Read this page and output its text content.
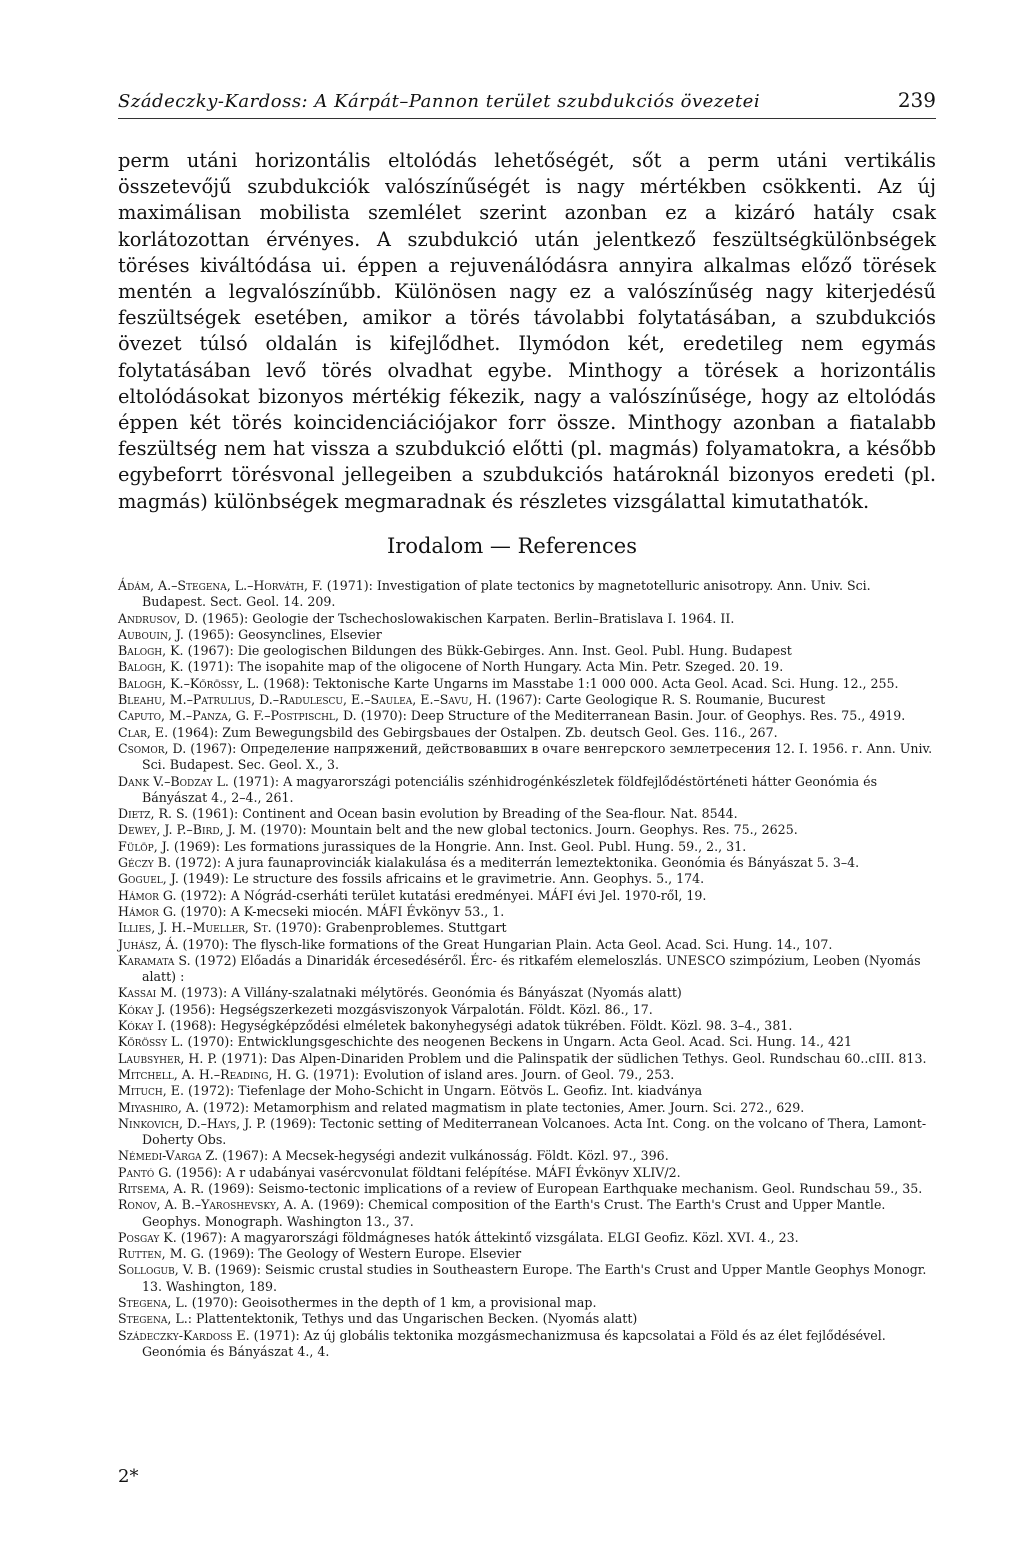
Szádeczky-Kardoss: A Kárpát–Pannon terület szubdukciós övezetei	239

perm utáni horizontális eltolódás lehetőségét, sőt a perm utáni vertikális összetevőjű szubdukciók valószínűségét is nagy mértékben csökkenti. Az új maximálisan mobilista szemlélet szerint azonban ez a kizáró hatály csak korlátozottan érvényes. A szubdukció után jelentkező feszültségkülönbségek töréses kiváltódása ui. éppen a rejuvenálódásra annyira alkalmas előző törések mentén a legvalószínűbb. Különösen nagy ez a valószínűség nagy kiterjedésű feszültségek esetében, amikor a törés távolabbi folytatásában, a szubdukciós övezet túlsó oldalán is kifejlődhet. Ilymódon két, eredetileg nem egymás folytatásában levő törés olvadhat egybe. Minthogy a törések a horizontális eltolódásokat bizonyos mértékig fékezik, nagy a valószínűsége, hogy az eltolódás éppen két törés koincidenciációjakor forr össze. Minthogy azonban a fiatalabb feszültség nem hat vissza a szubdukció előtti (pl. magmás) folyamatokra, a később egybeforrt törésvonal jellegeiben a szubdukciós határoknál bizonyos eredeti (pl. magmás) különbségek megmaradnak és részletes vizsgálattal kimutathatók.

Irodalom — References
Ádám, A.–Stegena, L.–Horváth, F. (1971): Investigation of plate tectonics by magnetotelluric anisotropy. Ann. Univ. Sci. Budapest. Sect. Geol. 14. 209.
Andrusov, D. (1965): Geologie der Tschechoslowakischen Karpaten. Berlin–Bratislava I. 1964. II.
Aubouin, J. (1965): Geosynclines, Elsevier
Balogh, K. (1967): Die geologischen Bildungen des Bükk-Gebirges. Ann. Inst. Geol. Publ. Hung. Budapest
Balogh, K. (1971): The isopahite map of the oligocene of North Hungary. Acta Min. Petr. Szeged. 20. 19.
Balogh, K.–Kőrössy, L. (1968): Tektonische Karte Ungarns im Masstabe 1:1 000 000. Acta Geol. Acad. Sci. Hung. 12., 255.
Bleahu, M.–Patrulius, D.–Radulescu, E.–Saulea, E.–Savu, H. (1967): Carte Geologique R. S. Roumanie, Bucurest
Caputo, M.–Panza, G. F.–Postpischl, D. (1970): Deep Structure of the Mediterranean Basin. Jour. of Geophys. Res. 75., 4919.
Clar, E. (1964): Zum Bewegungsbild des Gebirgsbaues der Ostalpen. Zb. deutsch Geol. Ges. 116., 267.
Csomor, D. (1967): Определение напряжений, действовавших в очаге венгерского землетресения 12. I. 1956. г. Ann. Univ. Sci. Budapest. Sec. Geol. X., 3.
Dank V.–Bodzay L. (1971): A magyarországi potenciális szénhidrogénkészletek földfejlődéstörténeti hátter Geonómia és Bányászat 4., 2–4., 261.
Dietz, R. S. (1961): Continent and Ocean basin evolution by Breading of the Sea-flour. Nat. 8544.
Dewey, J. P.–Bird, J. M. (1970): Mountain belt and the new global tectonics. Journ. Geophys. Res. 75., 2625.
Fülöp, J. (1969): Les formations jurassiques de la Hongrie. Ann. Inst. Geol. Publ. Hung. 59., 2., 31.
Géczy B. (1972): A jura faunaprovinciák kialakulása és a mediterrán lemeztektonika. Geonómia és Bányászat 5. 3–4.
Goguel, J. (1949): Le structure des fossils africains et le gravimetrie. Ann. Geophys. 5., 174.
Hámor G. (1972): A Nógrád-cserháti terület kutatási eredményei. MÁFI évi Jel. 1970-ről, 19.
Hámor G. (1970): A K-mecseki miocén. MÁFI Évkönyv 53., 1.
Illies, J. H.–Mueller, St. (1970): Grabenproblemes. Stuttgart
Juhász, Á. (1970): The flysch-like formations of the Great Hungarian Plain. Acta Geol. Acad. Sci. Hung. 14., 107.
Karamata S. (1972) Előadás a Dinaridák ércesedéséről. Érc- és ritkafém elemeloszlás. UNESCO szimpózium, Leoben (Nyomás alatt) :
Kassai M. (1973): A Villány-szalatnaki mélytörés. Geonómia és Bányászat (Nyomás alatt)
Kókay J. (1956): Hegségszerkezeti mozgásviszonyok Várpalotán. Földt. Közl. 86., 17.
Kókay I. (1968): Hegységképződési elméletek bakonyhegységi adatok tükrében. Földt. Közl. 98. 3–4., 381.
Kőrössy L. (1970): Entwicklungsgeschichte des neogenen Beckens in Ungarn. Acta Geol. Acad. Sci. Hung. 14., 421
Laubsyher, H. P. (1971): Das Alpen-Dinariden Problem und die Palinspatik der südlichen Tethys. Geol. Rundschau 60..cIII. 813.
Mitchell, A. H.–Reading, H. G. (1971): Evolution of island ares. Journ. of Geol. 79., 253.
Mituch, E. (1972): Tiefenlage der Moho-Schicht in Ungarn. Eötvös L. Geofiz. Int. kiadványa
Miyashiro, A. (1972): Metamorphism and related magmatism in plate tectonies, Amer. Journ. Sci. 272., 629.
Ninkovich, D.–Hays, J. P. (1969): Tectonic setting of Mediterranean Volcanoes. Acta Int. Cong. on the volcano of Thera, Lamont-Doherty Obs.
Némedi-Varga Z. (1967): A Mecsek-hegységi andezit vulkánosság. Földt. Közl. 97., 396.
Pantó G. (1956): A r udabányai vasércvonulat földtani felépítése. MÁFI Évkönyv XLIV/2.
Ritsema, A. R. (1969): Seismo-tectonic implications of a review of European Earthquake mechanism. Geol. Rundschau 59., 35.
Ronov, A. B.–Yaroshevsky, A. A. (1969): Chemical composition of the Earth's Crust. The Earth's Crust and Upper Mantle. Geophys. Monograph. Washington 13., 37.
Posgay K. (1967): A magyarországi földmágneses hatók áttekintő vizsgálata. ELGI Geofiz. Közl. XVI. 4., 23.
Rutten, M. G. (1969): The Geology of Western Europe. Elsevier
Sollogub, V. B. (1969): Seismic crustal studies in Southeastern Europe. The Earth's Crust and Upper Mantle Geophys Monogr. 13. Washington, 189.
Stegena, L. (1970): Geoisothermes in the depth of 1 km, a provisional map.
Stegena, L.: Plattentektonik, Tethys und das Ungarischen Becken. (Nyomás alatt)
Szádeczky-Kardoss E. (1971): Az új globális tektonika mozgásmechanizmusa és kapcsolatai a Föld és az élet fejlődésével. Geonómia és Bányászat 4., 4.
2*
